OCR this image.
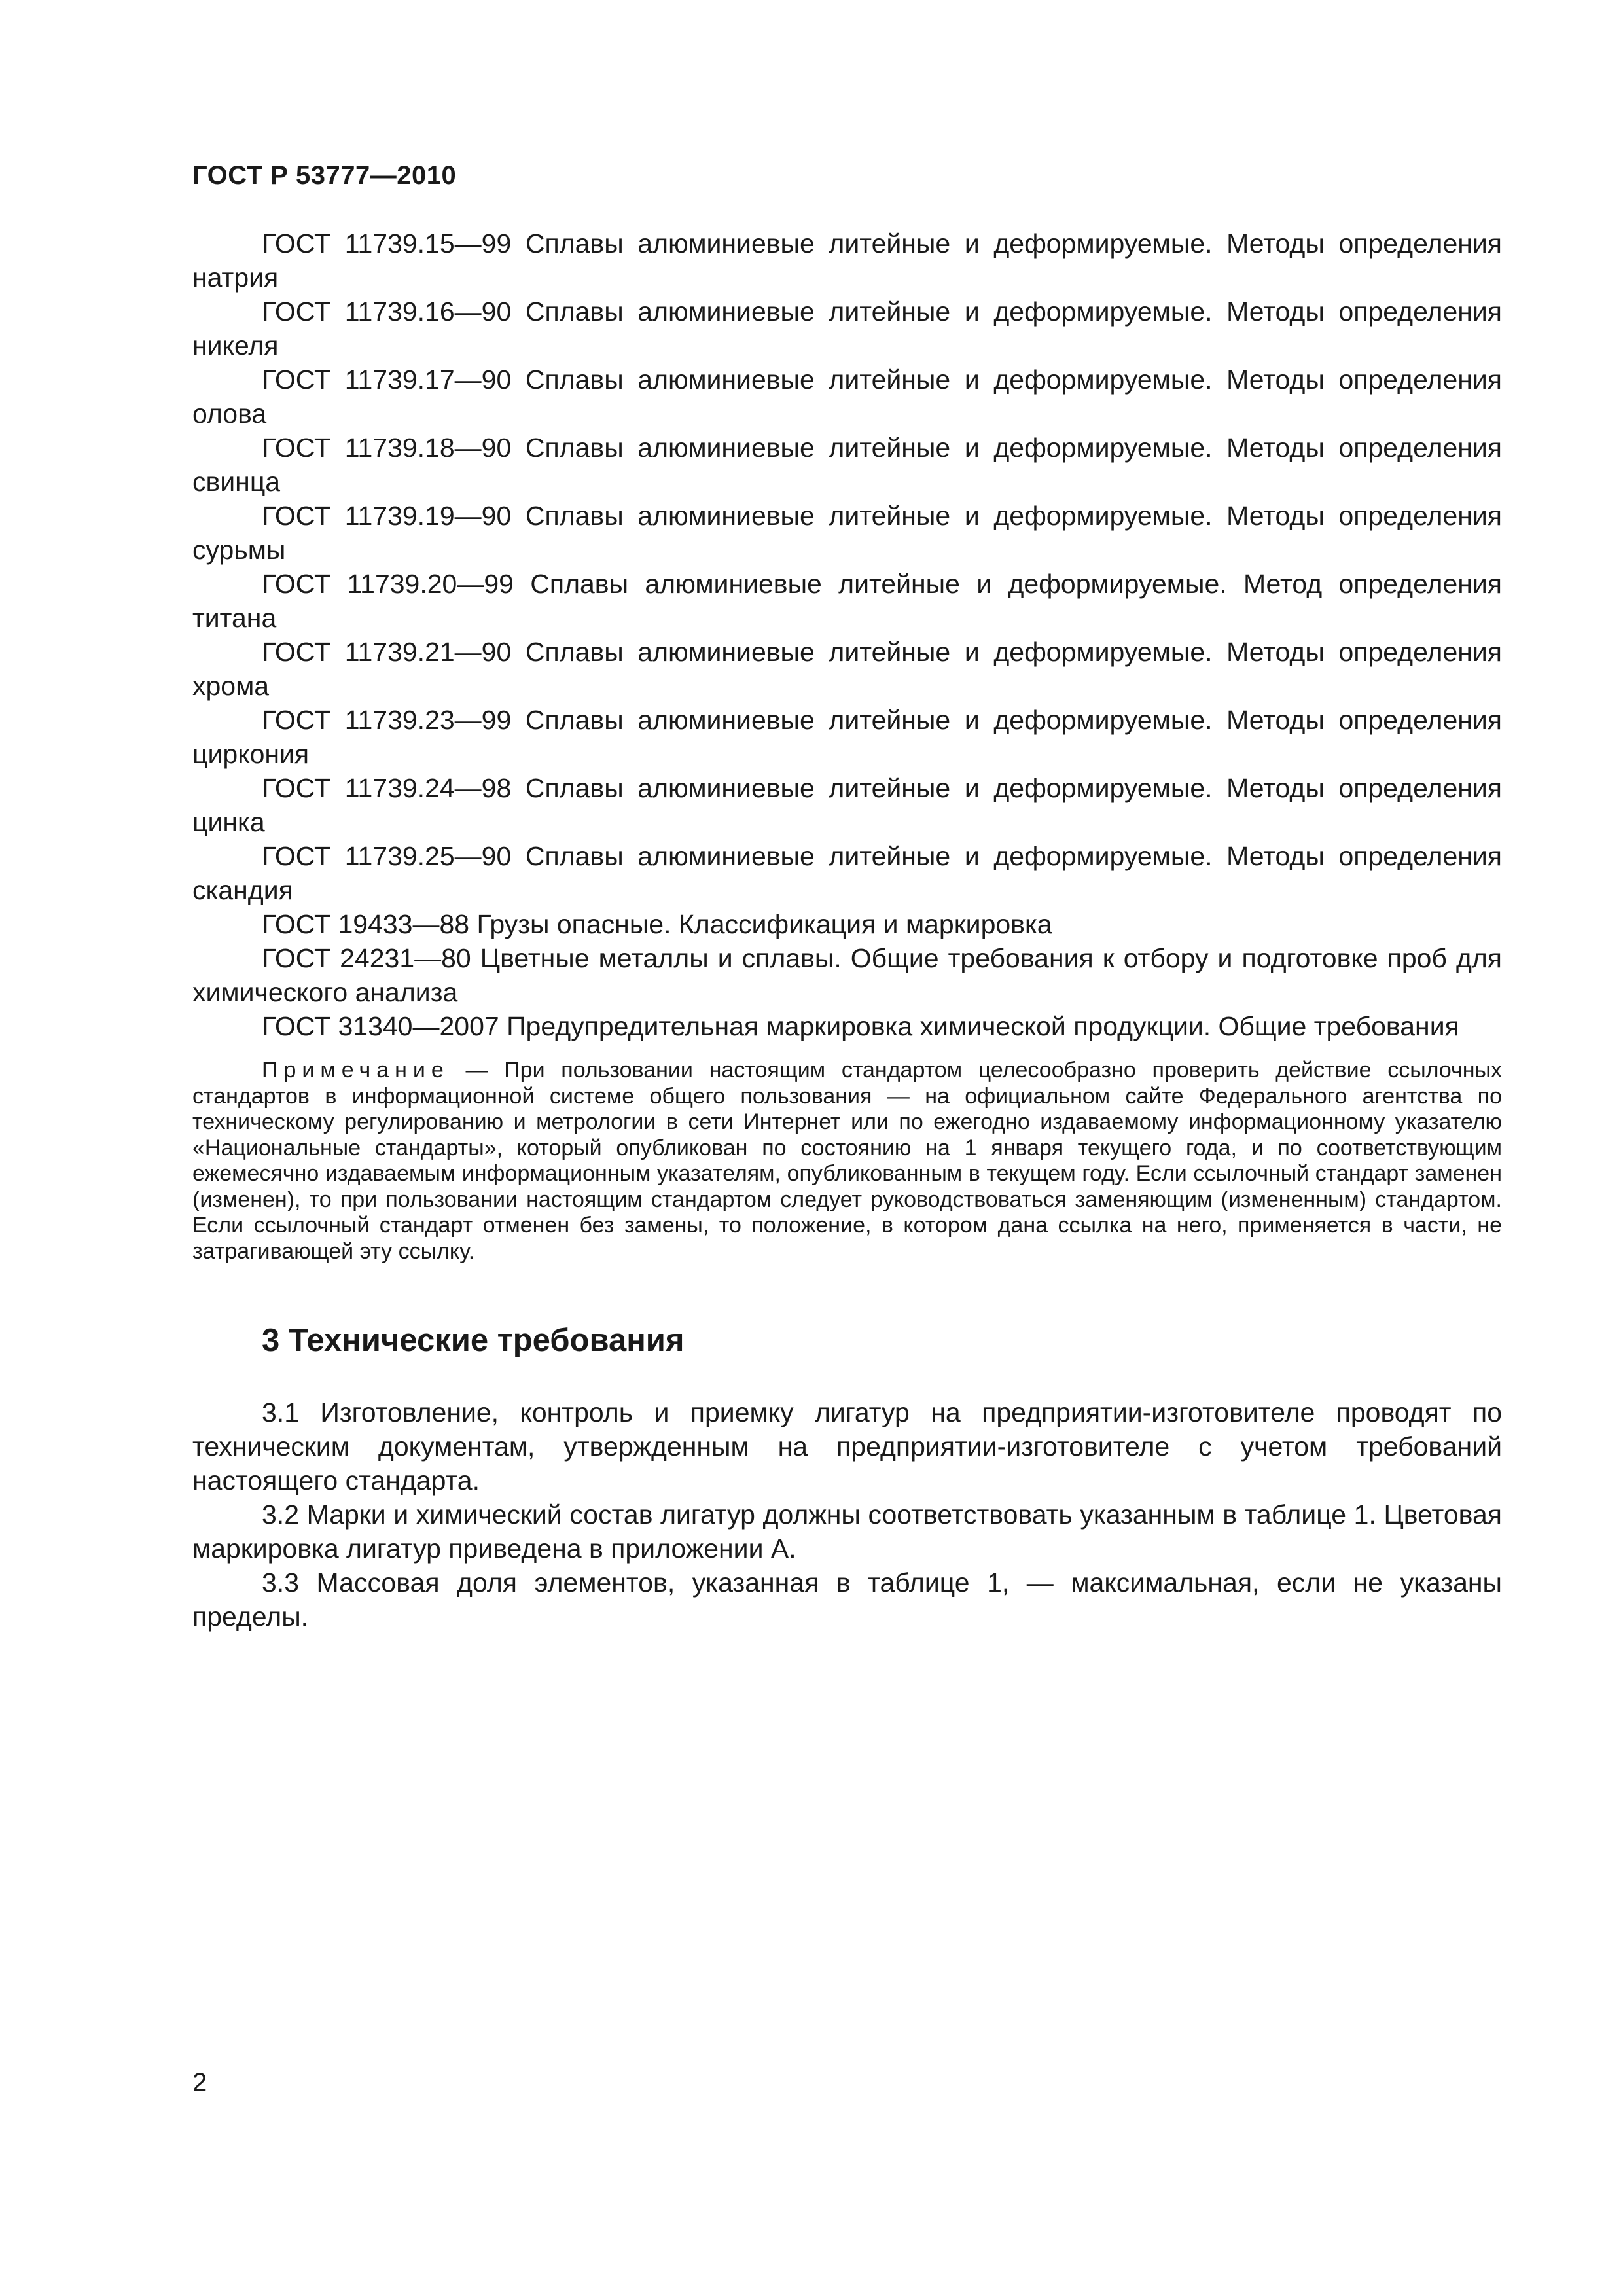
ГОСТ Р 53777—2010

ГОСТ 11739.15—99 Сплавы алюминиевые литейные и деформируемые. Методы определения натрия

ГОСТ 11739.16—90 Сплавы алюминиевые литейные и деформируемые. Методы определения никеля

ГОСТ 11739.17—90 Сплавы алюминиевые литейные и деформируемые. Методы определения олова

ГОСТ 11739.18—90 Сплавы алюминиевые литейные и деформируемые. Методы определения свинца

ГОСТ 11739.19—90 Сплавы алюминиевые литейные и деформируемые. Методы определения сурьмы

ГОСТ 11739.20—99 Сплавы алюминиевые литейные и деформируемые. Метод определения титана

ГОСТ 11739.21—90 Сплавы алюминиевые литейные и деформируемые. Методы определения хрома

ГОСТ 11739.23—99 Сплавы алюминиевые литейные и деформируемые. Методы определения циркония

ГОСТ 11739.24—98 Сплавы алюминиевые литейные и деформируемые. Методы определения цинка

ГОСТ 11739.25—90 Сплавы алюминиевые литейные и деформируемые. Методы определения скандия

ГОСТ 19433—88 Грузы опасные. Классификация и маркировка

ГОСТ 24231—80 Цветные металлы и сплавы. Общие требования к отбору и подготовке проб для химического анализа

ГОСТ 31340—2007 Предупредительная маркировка химической продукции. Общие требования

Примечание — При пользовании настоящим стандартом целесообразно проверить действие ссылочных стандартов в информационной системе общего пользования — на официальном сайте Федерального агентства по техническому регулированию и метрологии в сети Интернет или по ежегодно издаваемому информационному указателю «Национальные стандарты», который опубликован по состоянию на 1 января текущего года, и по соответствующим ежемесячно издаваемым информационным указателям, опубликованным в текущем году. Если ссылочный стандарт заменен (изменен), то при пользовании настоящим стандартом следует руководствоваться заменяющим (измененным) стандартом. Если ссылочный стандарт отменен без замены, то положение, в котором дана ссылка на него, применяется в части, не затрагивающей эту ссылку.

3 Технические требования

3.1 Изготовление, контроль и приемку лигатур на предприятии-изготовителе проводят по техническим документам, утвержденным на предприятии-изготовителе с учетом требований настоящего стандарта.

3.2 Марки и химический состав лигатур должны соответствовать указанным в таблице 1. Цветовая маркировка лигатур приведена в приложении А.

3.3 Массовая доля элементов, указанная в таблице 1, — максимальная, если не указаны пределы.

2
